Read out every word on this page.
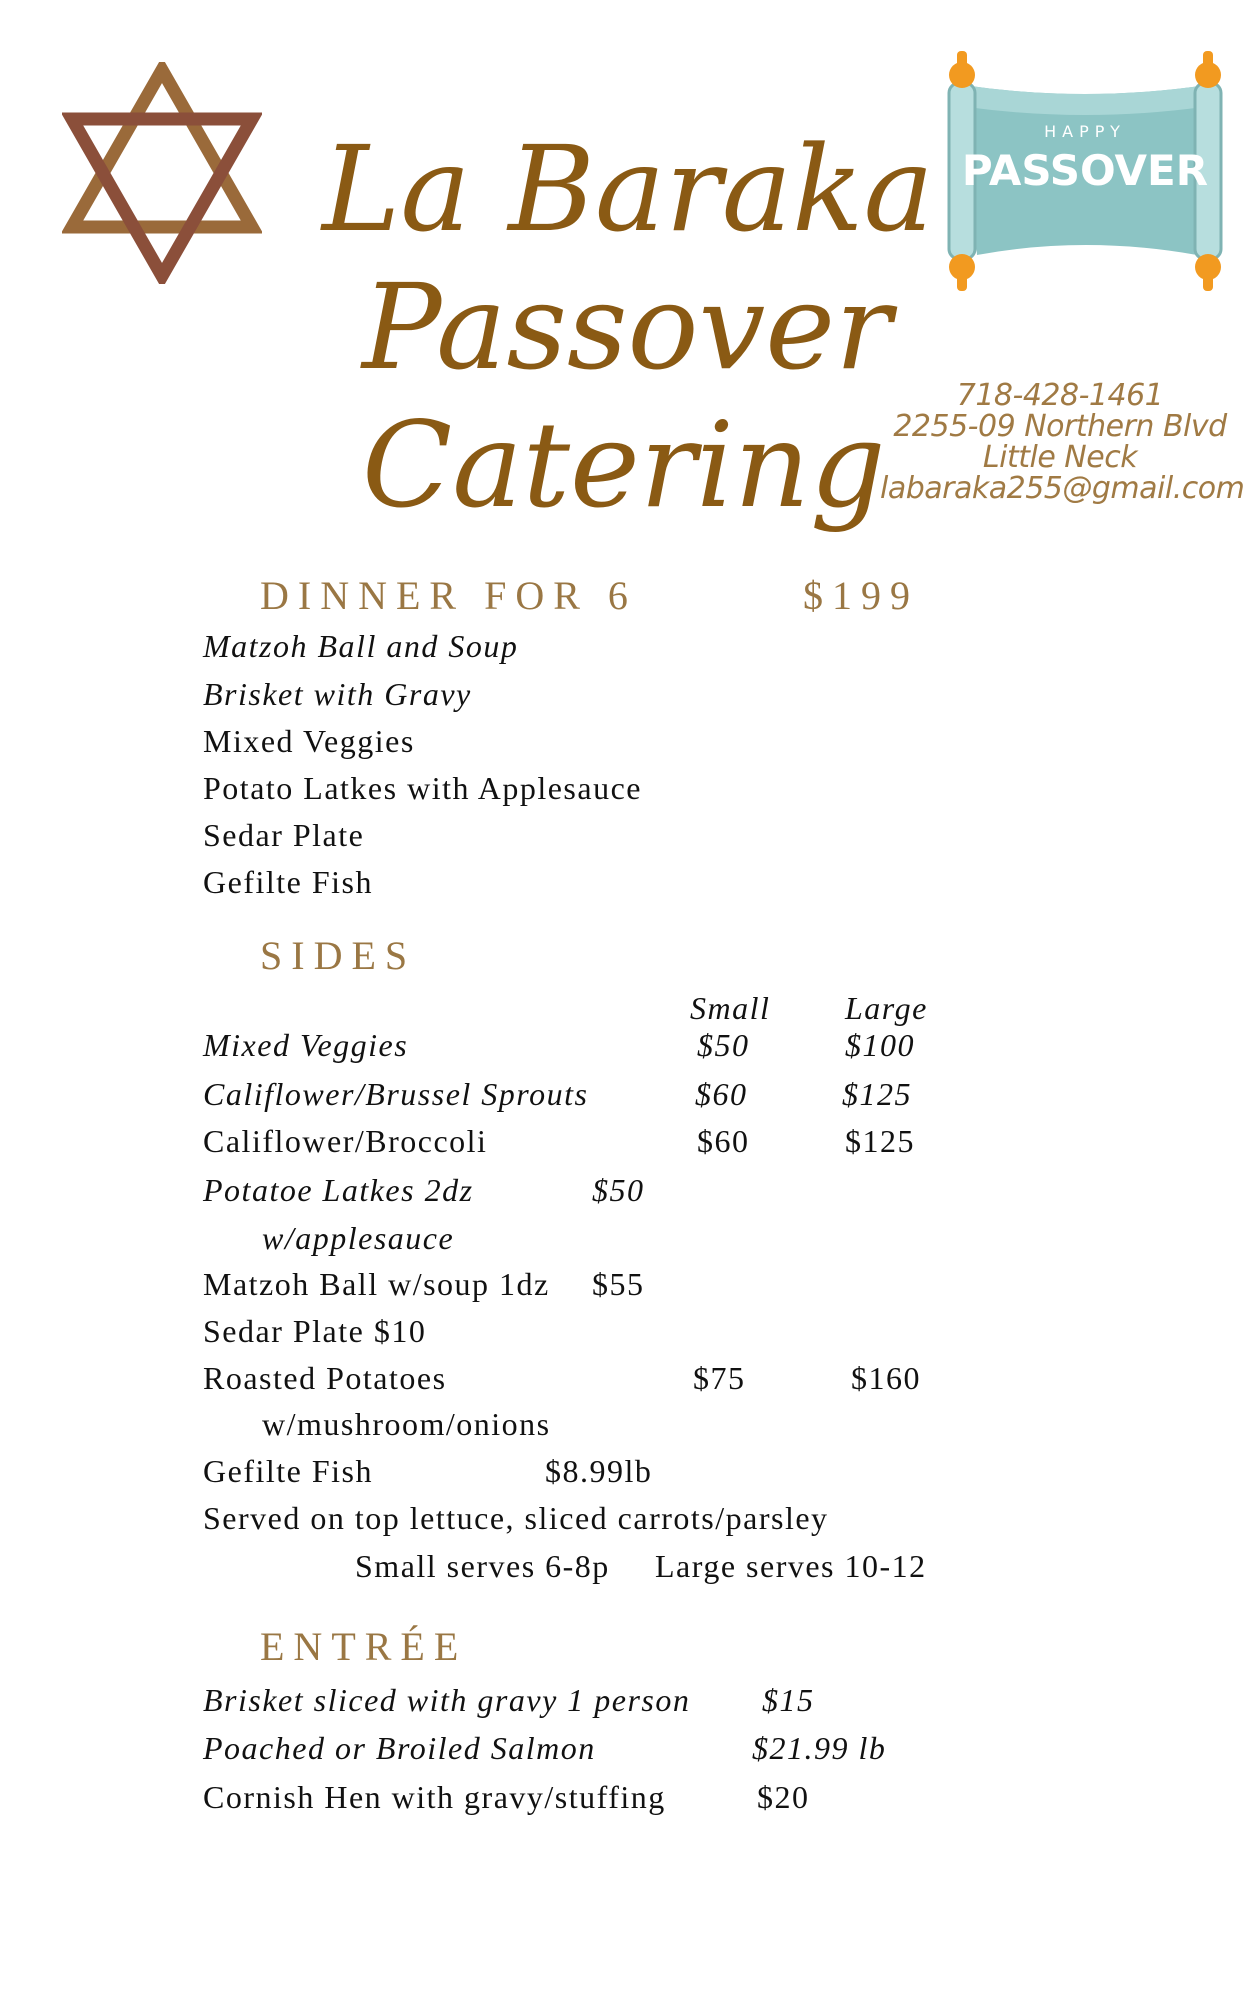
La Baraka
Passover
Catering
HAPPY
PASSOVER
718-428-1461
2255-09 Northern Blvd
Little Neck
labaraka255@gmail.com
DINNER FOR 6	$199
Matzoh Ball and Soup
Brisket with Gravy
Mixed Veggies
Potato Latkes with Applesauce
Sedar Plate
Gefilte Fish
SIDES
Small Large
Mixed Veggies	$50	$100
Califlower/Brussel Sprouts	$60	$125
Califlower/Broccoli	$60	$125
Potatoe Latkes 2dz	$50
w/applesauce
Matzoh Ball w/soup 1dz $55
Sedar Plate $10
Roasted Potatoes	$75	$160
w/mushroom/onions
Gefilte Fish	$8.99lb
Served on top lettuce, sliced carrots/parsley
Small serves 6-8p Large serves 10-12
ENTRÉE
Brisket sliced with gravy 1 person $15
Poached or Broiled Salmon	$21.99 lb
Cornish Hen with gravy/stuffing	$20
